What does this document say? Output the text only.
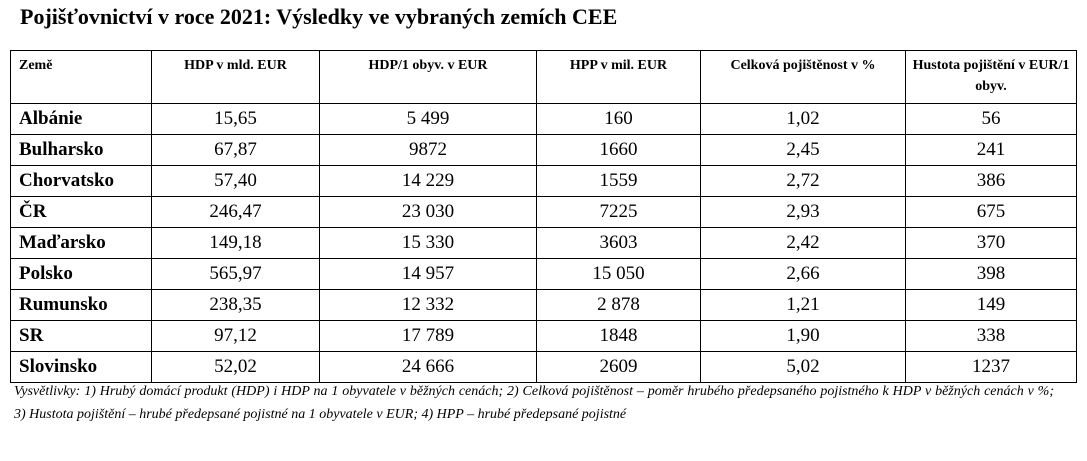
Pojišťovnictví v roce 2021: Výsledky ve vybraných zemích CEE
Země	HDP v mld. EUR	HDP/1 obyv. v EUR	HPP v mil. EUR	Celková pojištěnost v %	Hustota pojištění v EUR/1 obyv.
Albánie	15,65	5 499	160	1,02	56
Bulharsko	67,87	9872	1660	2,45	241
Chorvatsko	57,40	14 229	1559	2,72	386
ČR	246,47	23 030	7225	2,93	675
Maďarsko	149,18	15 330	3603	2,42	370
Polsko	565,97	14 957	15 050	2,66	398
Rumunsko	238,35	12 332	2 878	1,21	149
SR	97,12	17 789	1848	1,90	338
Slovinsko	52,02	24 666	2609	5,02	1237
Vysvětlivky: 1) Hrubý domácí produkt (HDP) i HDP na 1 obyvatele v běžných cenách; 2) Celková pojištěnost – poměr hrubého předepsaného pojistného k HDP v běžných cenách v %; 3) Hustota pojištění – hrubé předepsané pojistné na 1 obyvatele v EUR; 4) HPP – hrubé předepsané pojistné
